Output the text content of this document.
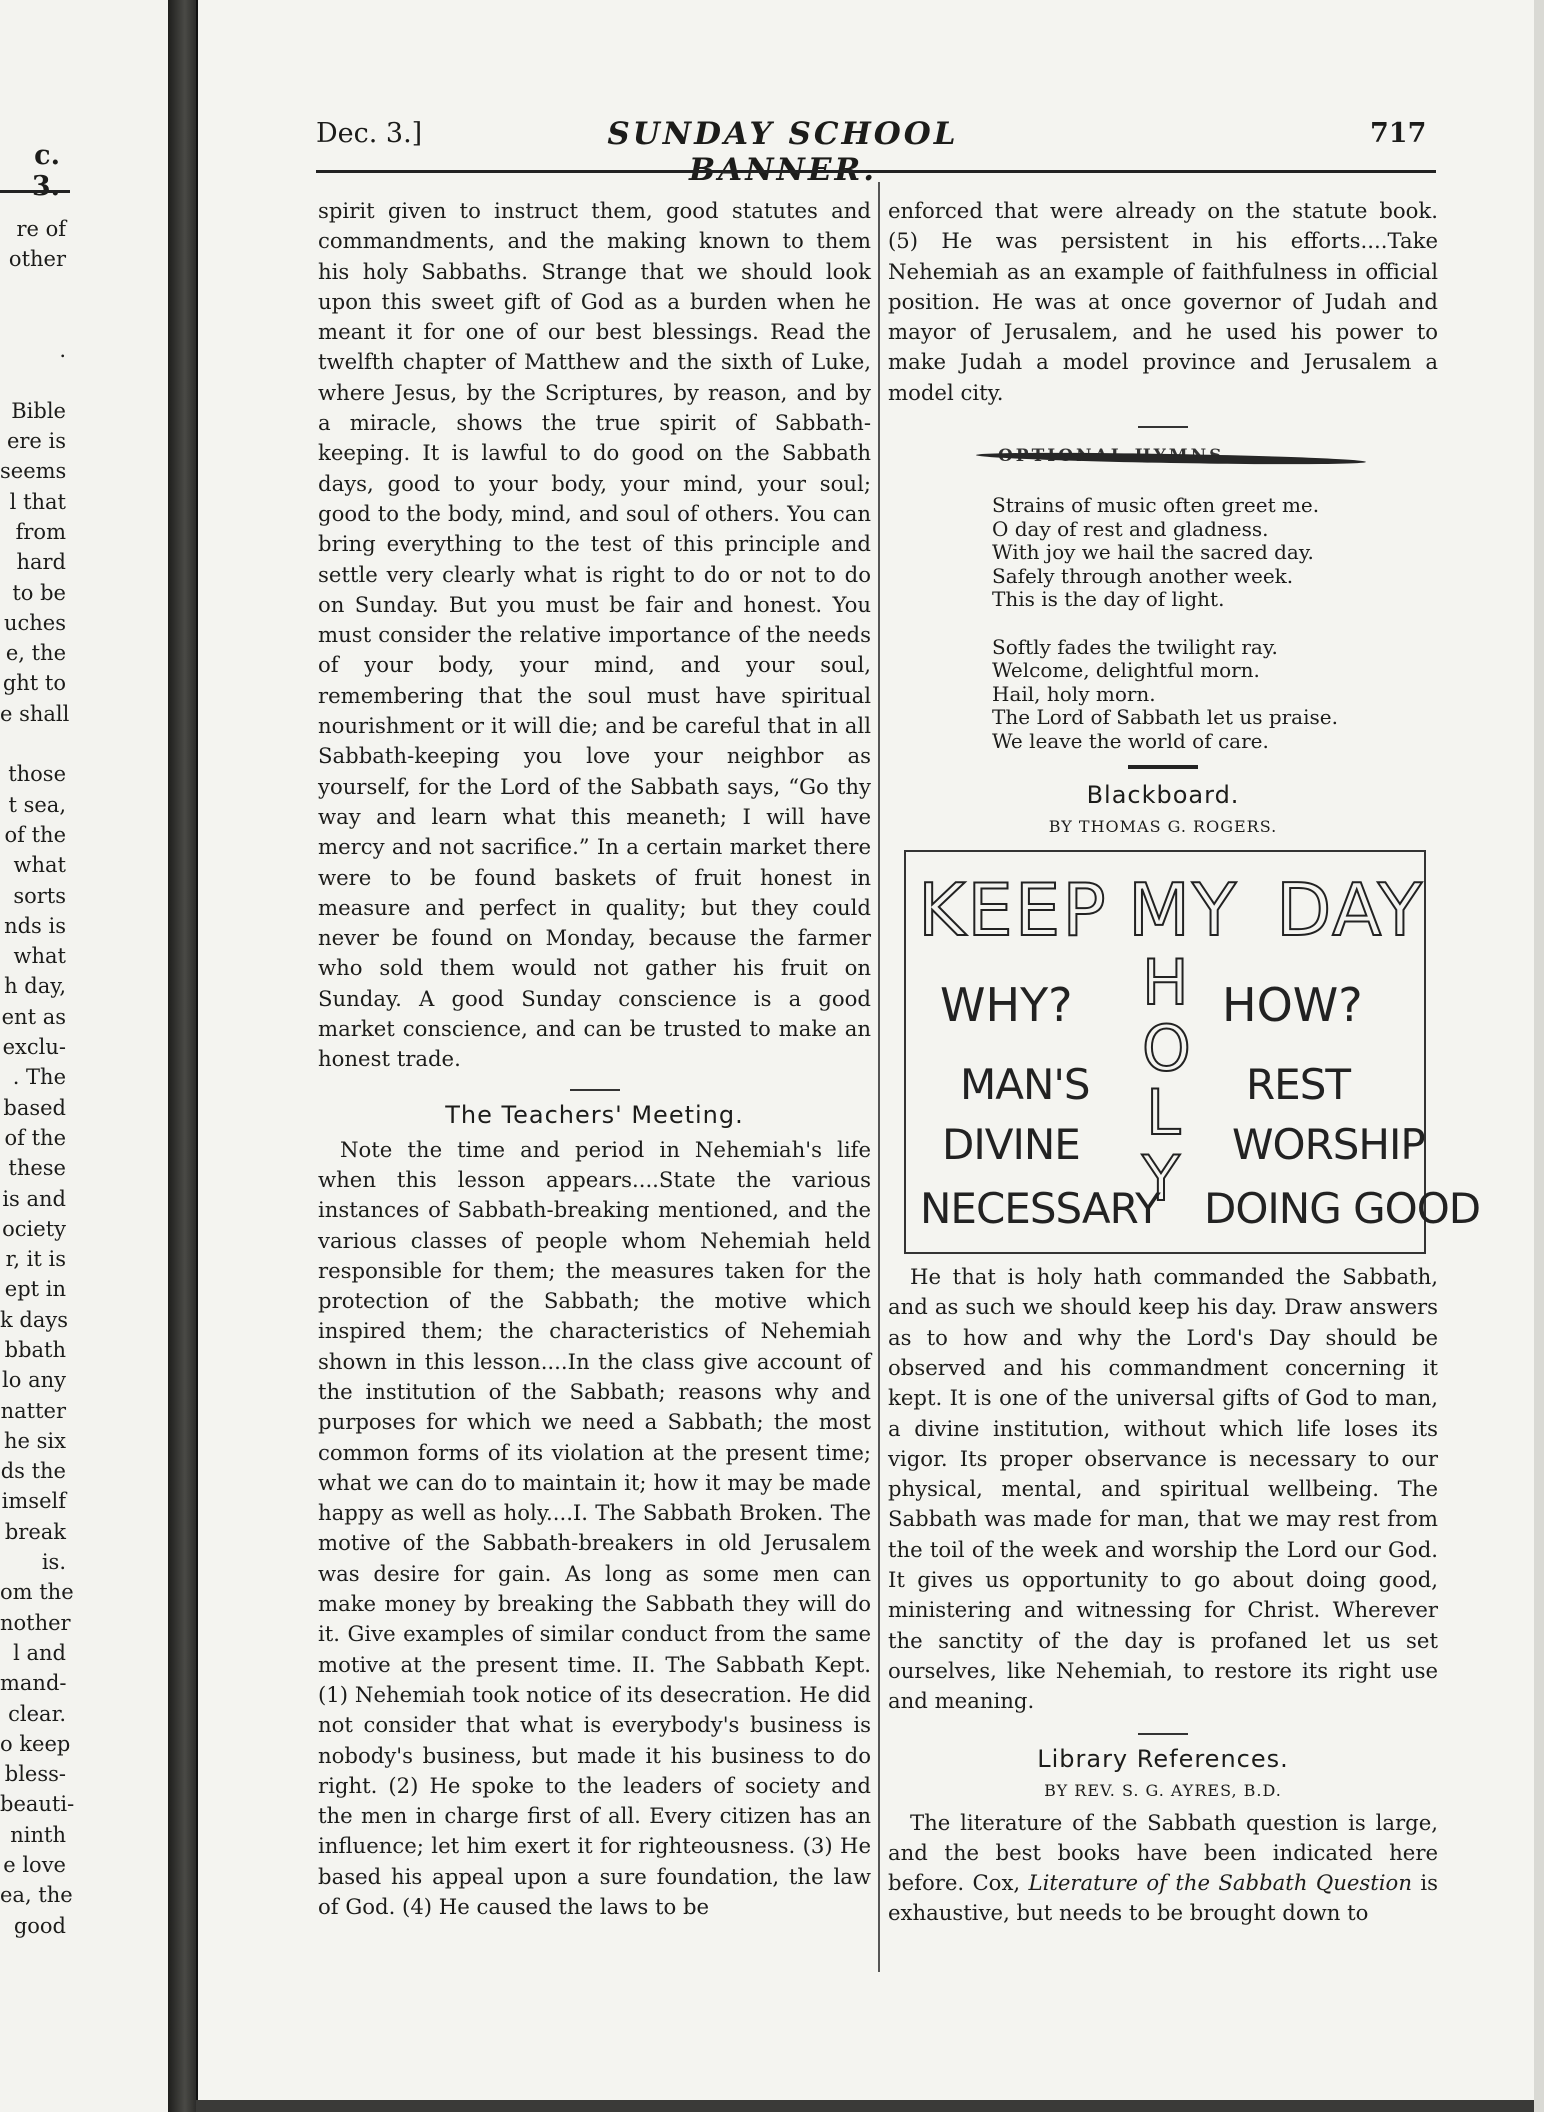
c. 3.
re of
other
.
Bible
ere is
seems
l that
from
hard
to be
uches
e, the
ght to
e shall
those
t sea,
of the
what
sorts
nds is
what
h day,
ent as
exclu-
. The
based
of the
these
is and
ociety
r, it is
ept in
k days
bbath
lo any
natter
he six
ds the
imself
break
is.
om the
nother
l and
mand-
clear.
o keep
bless-
beauti-
ninth
e love
ea, the
good
Dec. 3.]	SUNDAY SCHOOL BANNER.
717

spirit given to instruct them, good statutes and commandments, and the making known to them his holy Sabbaths. Strange that we should look upon this sweet gift of God as a burden when he meant it for one of our best blessings. Read the twelfth chapter of Matthew and the sixth of Luke, where Jesus, by the Scriptures, by reason, and by a miracle, shows the true spirit of Sabbath-keeping. It is lawful to do good on the Sabbath days, good to your body, your mind, your soul; good to the body, mind, and soul of others. You can bring everything to the test of this principle and settle very clearly what is right to do or not to do on Sunday. But you must be fair and honest. You must consider the relative importance of the needs of your body, your mind, and your soul, remembering that the soul must have spiritual nourishment or it will die; and be careful that in all Sabbath-keeping you love your neighbor as yourself, for the Lord of the Sabbath says, “Go thy way and learn what this meaneth; I will have mercy and not sacrifice.” In a certain market there were to be found baskets of fruit honest in measure and perfect in quality; but they could never be found on Monday, because the farmer who sold them would not gather his fruit on Sunday. A good Sunday conscience is a good market conscience, and can be trusted to make an honest trade.

The Teachers' Meeting.

Note the time and period in Nehemiah's life when this lesson appears....State the various instances of Sabbath-breaking mentioned, and the various classes of people whom Nehemiah held responsible for them; the measures taken for the protection of the Sabbath; the motive which inspired them; the characteristics of Nehemiah shown in this lesson....In the class give account of the institution of the Sabbath; reasons why and purposes for which we need a Sabbath; the most common forms of its violation at the present time; what we can do to maintain it; how it may be made happy as well as holy....I. The Sabbath Broken. The motive of the Sabbath-breakers in old Jerusalem was desire for gain. As long as some men can make money by breaking the Sabbath they will do it. Give examples of similar conduct from the same motive at the present time. II. The Sabbath Kept. (1) Nehemiah took notice of its desecration. He did not consider that what is everybody's business is nobody's business, but made it his business to do right. (2) He spoke to the leaders of society and the men in charge first of all. Every citizen has an influence; let him exert it for righteousness. (3) He based his appeal upon a sure foundation, the law of God. (4) He caused the laws to be

enforced that were already on the statute book. (5) He was persistent in his efforts....Take Nehemiah as an example of faithfulness in official position. He was at once governor of Judah and mayor of Jerusalem, and he used his power to make Judah a model province and Jerusalem a model city.

Strains of music often greet me.
O day of rest and gladness.
With joy we hail the sacred day.
Safely through another week.
This is the day of light.
Softly fades the twilight ray.
Welcome, delightful morn.
Hail, holy morn.
The Lord of Sabbath let us praise.
We leave the world of care.
Blackboard.
BY THOMAS G. ROGERS.
KEEP MY DAY
WHY?	HOW?
H
O
L
Y
MAN'S	REST
DIVINE	WORSHIP
NECESSARY DOING GOOD

He that is holy hath commanded the Sabbath, and as such we should keep his day. Draw answers as to how and why the Lord's Day should be observed and his commandment concerning it kept. It is one of the universal gifts of God to man, a divine institution, without which life loses its vigor. Its proper observance is necessary to our physical, mental, and spiritual wellbeing. The Sabbath was made for man, that we may rest from the toil of the week and worship the Lord our God. It gives us opportunity to go about doing good, ministering and witnessing for Christ. Wherever the sanctity of the day is profaned let us set ourselves, like Nehemiah, to restore its right use and meaning.

Library References.
BY REV. S. G. AYRES, B.D.

The literature of the Sabbath question is large, and the best books have been indicated here before. Cox, Literature of the Sabbath Question is exhaustive, but needs to be brought down to
